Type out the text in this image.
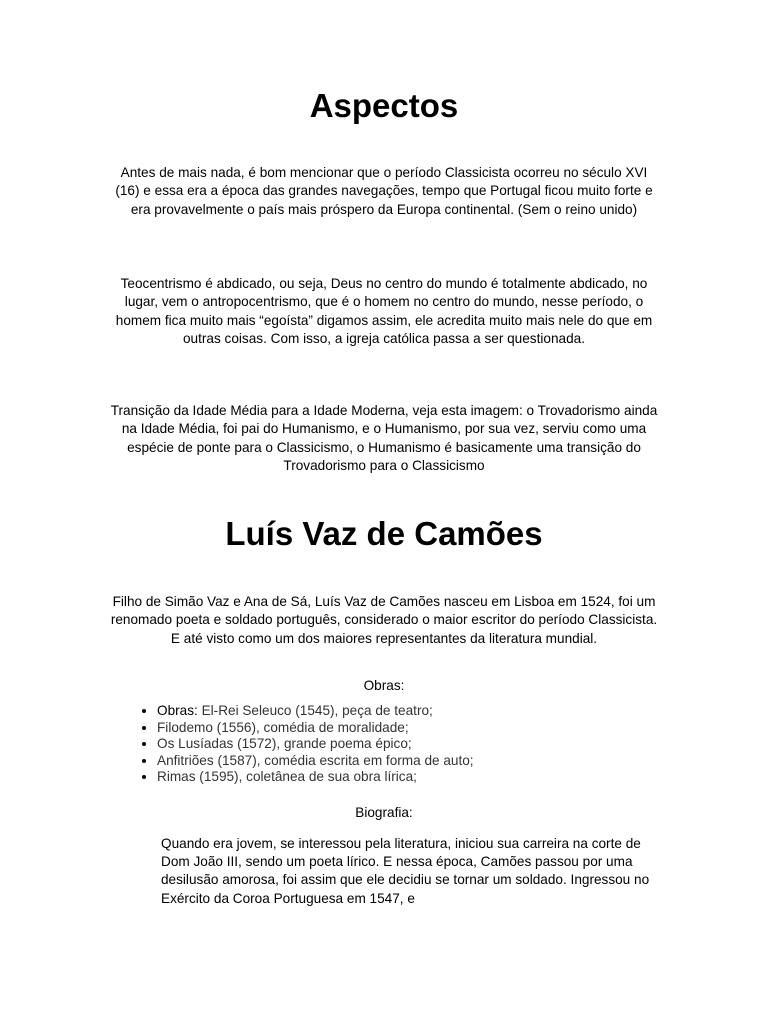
Aspectos

Antes de mais nada, é bom mencionar que o período Classicista ocorreu no século XVI (16) e essa era a época das grandes navegações, tempo que Portugal ficou muito forte e era provavelmente o país mais próspero da Europa continental. (Sem o reino unido)

Teocentrismo é abdicado, ou seja, Deus no centro do mundo é totalmente abdicado, no lugar, vem o antropocentrismo, que é o homem no centro do mundo, nesse período, o homem fica muito mais “egoísta” digamos assim, ele acredita muito mais nele do que em outras coisas. Com isso, a igreja católica passa a ser questionada.

Transição da Idade Média para a Idade Moderna, veja esta imagem: o Trovadorismo ainda na Idade Média, foi pai do Humanismo, e o Humanismo, por sua vez, serviu como uma espécie de ponte para o Classicismo, o Humanismo é basicamente uma transição do Trovadorismo para o Classicismo

Luís Vaz de Camões

Filho de Simão Vaz e Ana de Sá, Luís Vaz de Camões nasceu em Lisboa em 1524, foi um renomado poeta e soldado português, considerado o maior escritor do período Classicista. E até visto como um dos maiores representantes da literatura mundial.

Obras:

• Obras: El-Rei Seleuco (1545), peça de teatro;
• Filodemo (1556), comédia de moralidade;
• Os Lusíadas (1572), grande poema épico;
• Anfitriões (1587), comédia escrita em forma de auto;
• Rimas (1595), coletânea de sua obra lírica;

Biografia:

Quando era jovem, se interessou pela literatura, iniciou sua carreira na corte de Dom João III, sendo um poeta lírico. E nessa época, Camões passou por uma desilusão amorosa, foi assim que ele decidiu se tornar um soldado. Ingressou no Exército da Coroa Portuguesa em 1547, e
